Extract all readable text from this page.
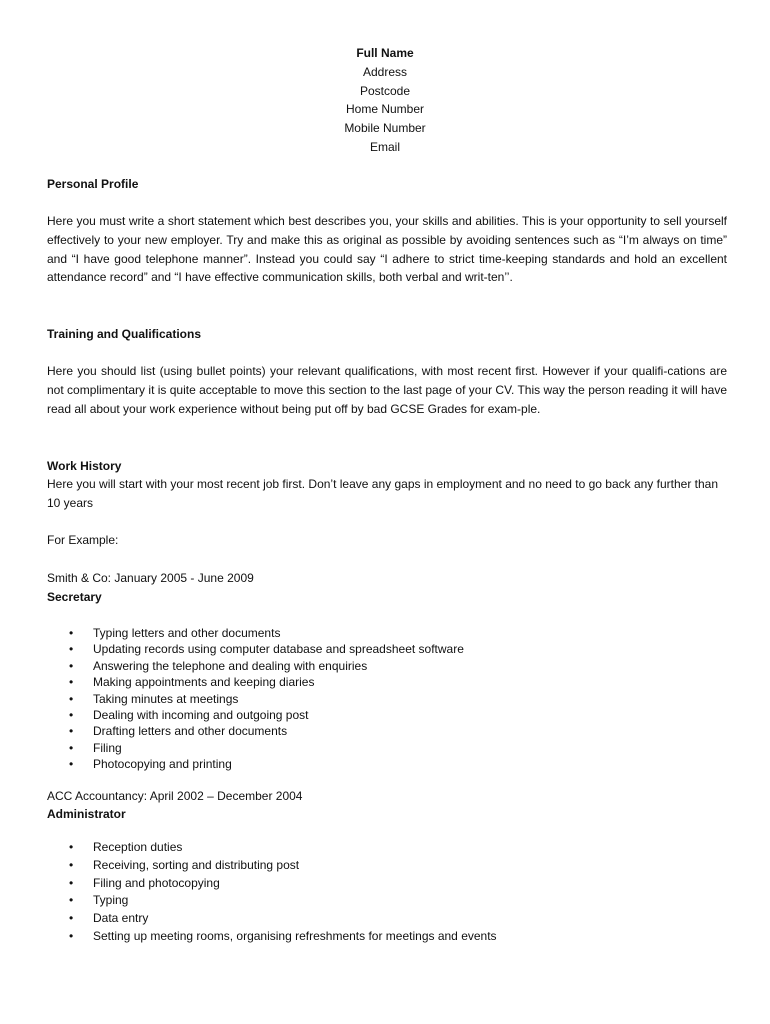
Full Name
Address
Postcode
Home Number
Mobile Number
Email
Personal Profile

Here you must write a short statement which best describes you, your skills and abilities. This is your opportunity to sell yourself effectively to your new employer. Try and make this as original as possible by avoiding sentences such as “I’m always on time” and “I have good telephone manner”. Instead you could say “I adhere to strict time-keeping standards and hold an excellent attendance record” and “I have effective communication skills, both verbal and writ-ten’’.

Training and Qualifications

Here you should list (using bullet points) your relevant qualifications, with most recent first. However if your qualifi-cations are not complimentary it is quite acceptable to move this section to the last page of your CV. This way the person reading it will have read all about your work experience without being put off by bad GCSE Grades for exam-ple.

Work History

Here you will start with your most recent job first. Don’t leave any gaps in employment and no need to go back any further than 10 years

For Example:
Smith & Co: January 2005 - June 2009
Secretary
• Typing letters and other documents
• Updating records using computer database and spreadsheet software
• Answering the telephone and dealing with enquiries
• Making appointments and keeping diaries
• Taking minutes at meetings
• Dealing with incoming and outgoing post
• Drafting letters and other documents
• Filing
• Photocopying and printing
ACC Accountancy: April 2002 – December 2004
Administrator
• Reception duties
• Receiving, sorting and distributing post
• Filing and photocopying
• Typing
• Data entry
• Setting up meeting rooms, organising refreshments for meetings and events
